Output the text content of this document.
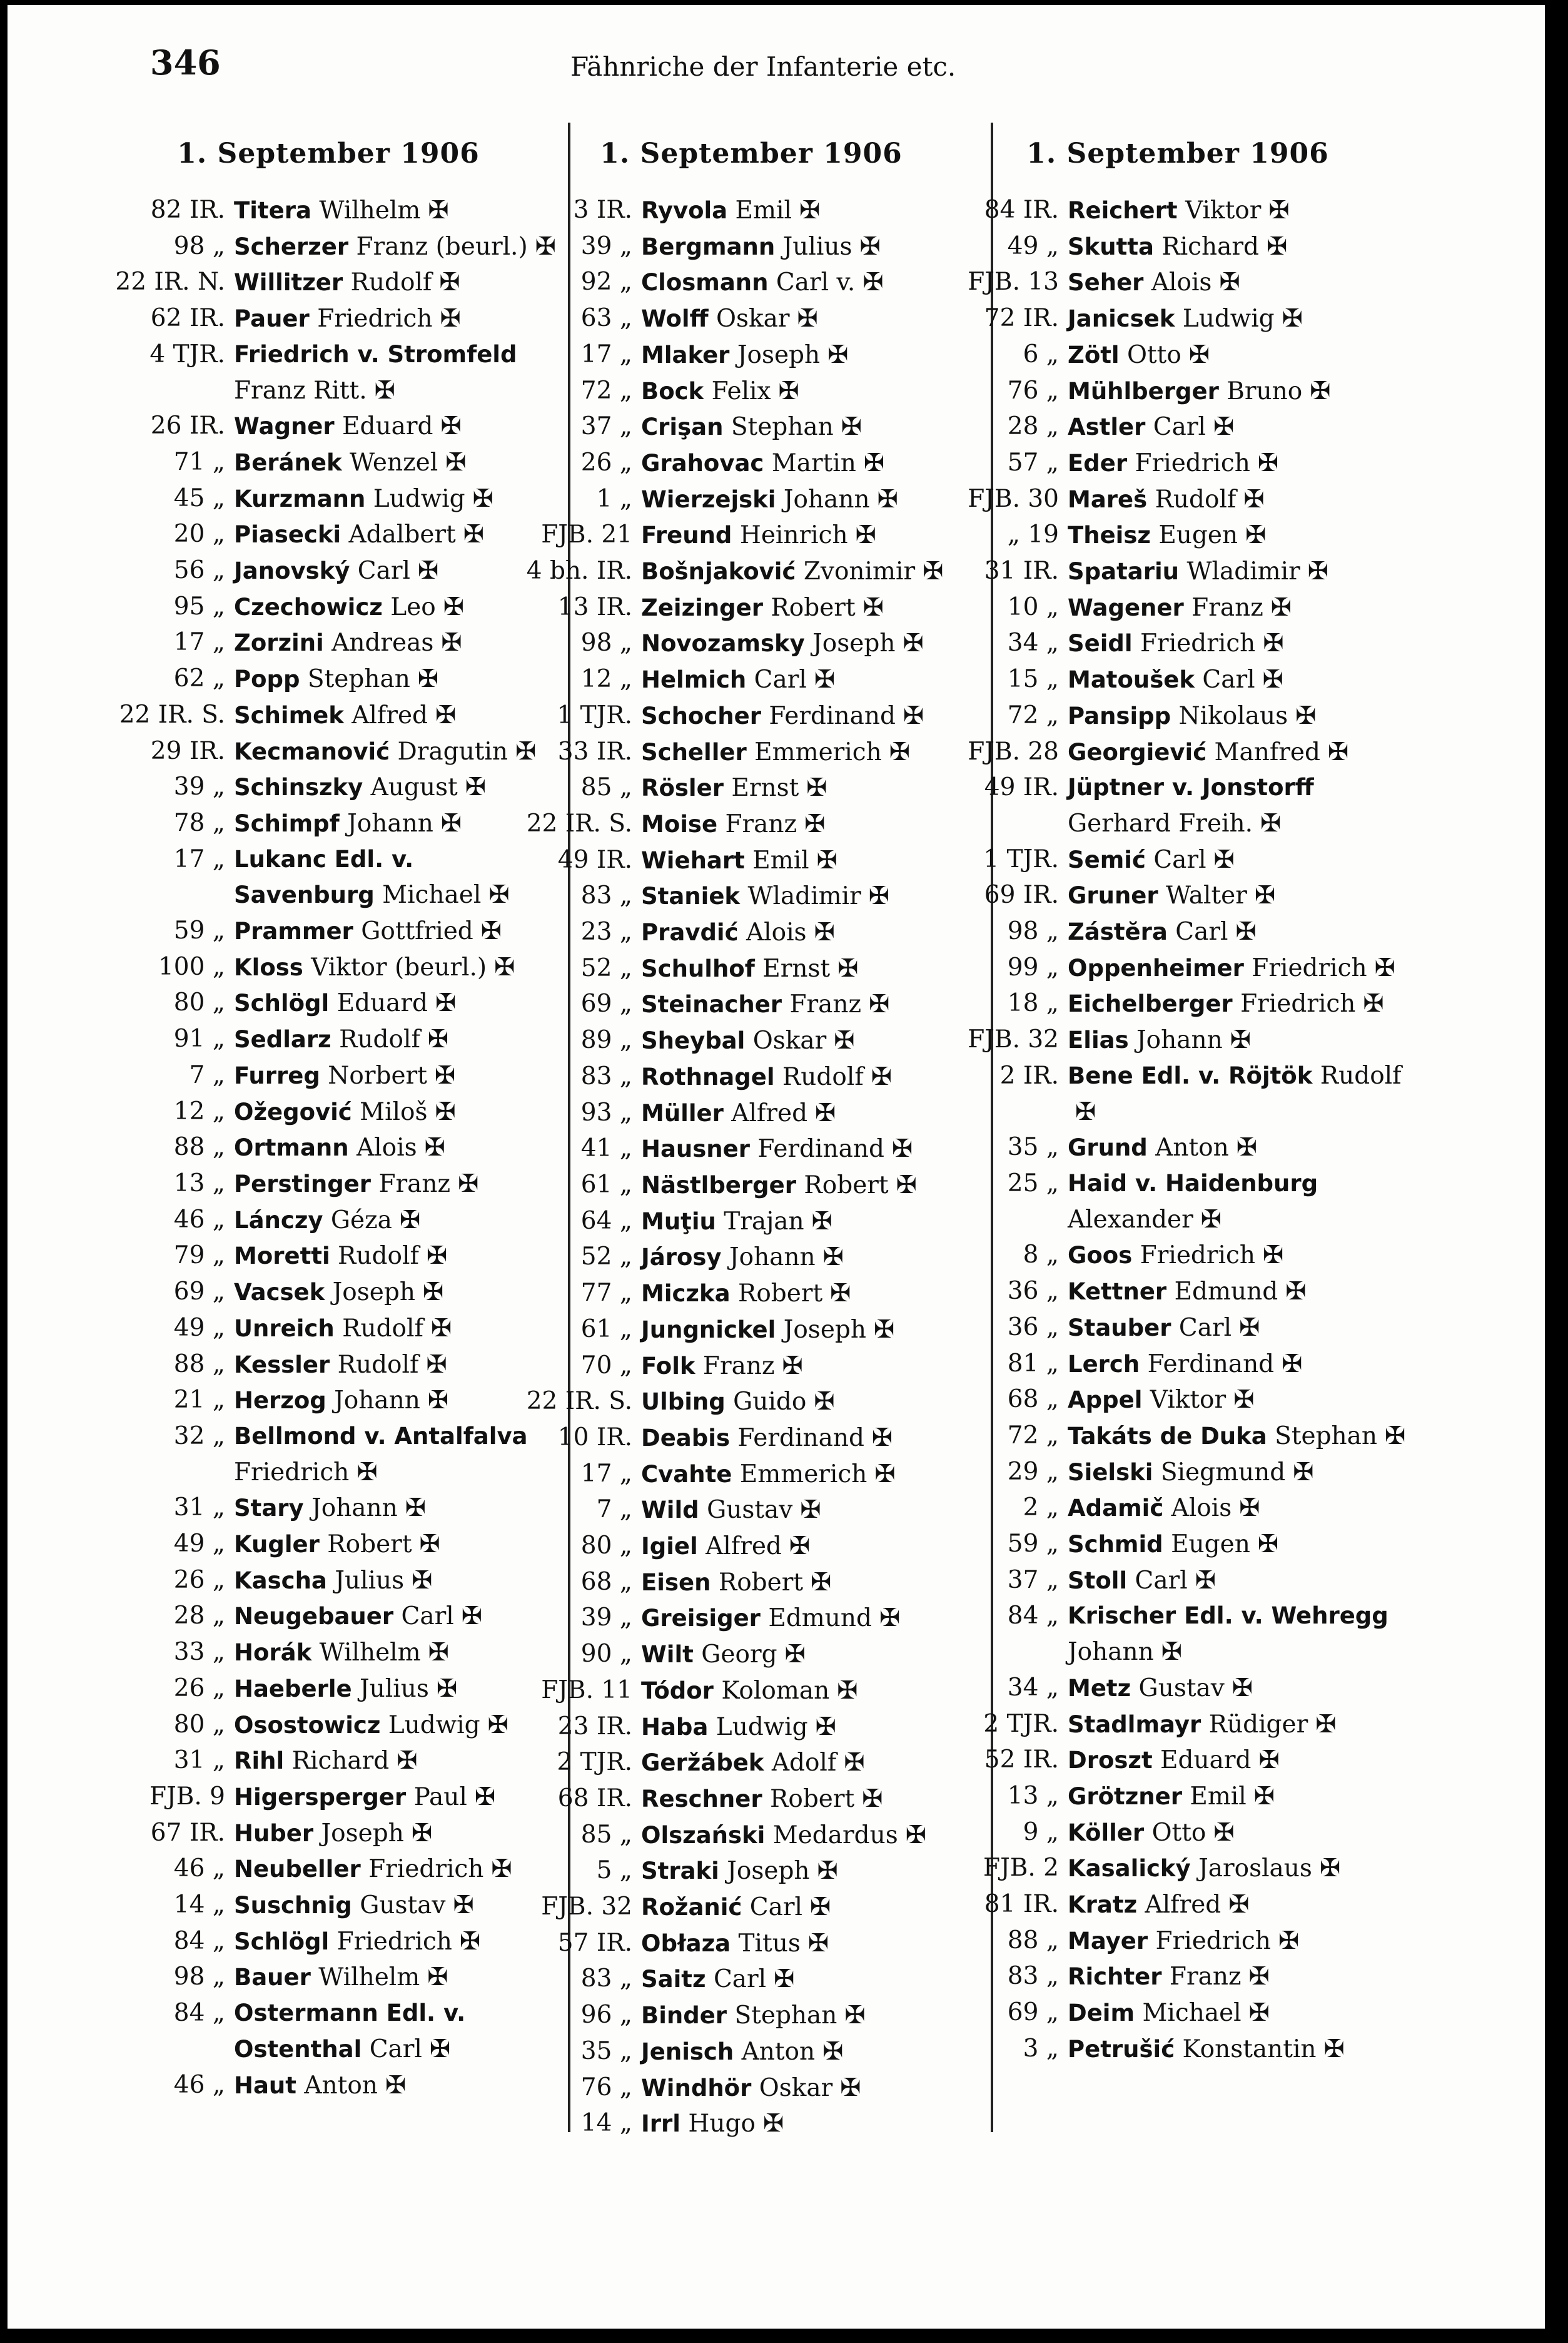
346	Fähnriche der Infanterie etc.
1. September 1906
82 IR. Titera Wilhelm ✠
98 „ Scherzer Franz (beurl.) ✠
22 IR. N. Willitzer Rudolf ✠
62 IR. Pauer Friedrich ✠
4 TJR. Friedrich v. Stromfeld Franz Ritt. ✠
26 IR. Wagner Eduard ✠
71 „ Beránek Wenzel ✠
45 „ Kurzmann Ludwig ✠
20 „ Piasecki Adalbert ✠
56 „ Janovský Carl ✠
95 „ Czechowicz Leo ✠
17 „ Zorzini Andreas ✠
62 „ Popp Stephan ✠
22 IR. S. Schimek Alfred ✠
29 IR. Kecmanović Dragutin ✠
39 „ Schinszky August ✠
78 „ Schimpf Johann ✠
17 „ Lukanc Edl. v. Savenburg Michael ✠
59 „ Prammer Gottfried ✠
100 „ Kloss Viktor (beurl.) ✠
80 „ Schlögl Eduard ✠
91 „ Sedlarz Rudolf ✠
7 „ Furreg Norbert ✠
12 „ Ožegović Miloš ✠
88 „ Ortmann Alois ✠
13 „ Perstinger Franz ✠
46 „ Lánczy Géza ✠
79 „ Moretti Rudolf ✠
69 „ Vacsek Joseph ✠
49 „ Unreich Rudolf ✠
88 „ Kessler Rudolf ✠
21 „ Herzog Johann ✠
32 „ Bellmond v. Antalfalva Friedrich ✠
31 „ Stary Johann ✠
49 „ Kugler Robert ✠
26 „ Kascha Julius ✠
28 „ Neugebauer Carl ✠
33 „ Horák Wilhelm ✠
26 „ Haeberle Julius ✠
80 „ Osostowicz Ludwig ✠
31 „ Rihl Richard ✠
FJB. 9 Higersperger Paul ✠
67 IR. Huber Joseph ✠
46 „ Neubeller Friedrich ✠
14 „ Suschnig Gustav ✠
84 „ Schlögl Friedrich ✠
98 „ Bauer Wilhelm ✠
84 „ Ostermann Edl. v. Ostenthal Carl ✠
46 „ Haut Anton ✠
1. September 1906
3 IR. Ryvola Emil ✠
39 „ Bergmann Julius ✠
92 „ Closmann Carl v. ✠
63 „ Wolff Oskar ✠
17 „ Mlaker Joseph ✠
72 „ Bock Felix ✠
37 „ Crişan Stephan ✠
26 „ Grahovac Martin ✠
1 „ Wierzejski Johann ✠
FJB. 21 Freund Heinrich ✠
4 bh. IR. Bošnjaković Zvonimir ✠
13 IR. Zeizinger Robert ✠
98 „ Novozamsky Joseph ✠
12 „ Helmich Carl ✠
1 TJR. Schocher Ferdinand ✠
33 IR. Scheller Emmerich ✠
85 „ Rösler Ernst ✠
22 IR. S. Moise Franz ✠
49 IR. Wiehart Emil ✠
83 „ Staniek Wladimir ✠
23 „ Pravdić Alois ✠
52 „ Schulhof Ernst ✠
69 „ Steinacher Franz ✠
89 „ Sheybal Oskar ✠
83 „ Rothnagel Rudolf ✠
93 „ Müller Alfred ✠
41 „ Hausner Ferdinand ✠
61 „ Nästlberger Robert ✠
64 „ Muţiu Trajan ✠
52 „ Járosy Johann ✠
77 „ Miczka Robert ✠
61 „ Jungnickel Joseph ✠
70 „ Folk Franz ✠
22 IR. S. Ulbing Guido ✠
10 IR. Deabis Ferdinand ✠
17 „ Cvahte Emmerich ✠
7 „ Wild Gustav ✠
80 „ Igiel Alfred ✠
68 „ Eisen Robert ✠
39 „ Greisiger Edmund ✠
90 „ Wilt Georg ✠
FJB. 11 Tódor Koloman ✠
23 IR. Haba Ludwig ✠
2 TJR. Geržábek Adolf ✠
68 IR. Reschner Robert ✠
85 „ Olszański Medardus ✠
5 „ Straki Joseph ✠
FJB. 32 Rožanić Carl ✠
57 IR. Obłaza Titus ✠
83 „ Saitz Carl ✠
96 „ Binder Stephan ✠
35 „ Jenisch Anton ✠
76 „ Windhör Oskar ✠
14 „ Irrl Hugo ✠
1. September 1906
84 IR. Reichert Viktor ✠
49 „ Skutta Richard ✠
FJB. 13 Seher Alois ✠
72 IR. Janicsek Ludwig ✠
6 „ Zötl Otto ✠
76 „ Mühlberger Bruno ✠
28 „ Astler Carl ✠
57 „ Eder Friedrich ✠
FJB. 30 Mareš Rudolf ✠
„ 19 Theisz Eugen ✠
31 IR. Spatariu Wladimir ✠
10 „ Wagener Franz ✠
34 „ Seidl Friedrich ✠
15 „ Matoušek Carl ✠
72 „ Pansipp Nikolaus ✠
FJB. 28 Georgiević Manfred ✠
49 IR. Jüptner v. Jonstorff Gerhard Freih. ✠
1 TJR. Semić Carl ✠
69 IR. Gruner Walter ✠
98 „ Zástĕra Carl ✠
99 „ Oppenheimer Friedrich ✠
18 „ Eichelberger Friedrich ✠
FJB. 32 Elias Johann ✠
2 IR. Bene Edl. v. Röjtök Rudolf✠
35 „ Grund Anton ✠
25 „ Haid v. Haidenburg Alexander ✠
8 „ Goos Friedrich ✠
36 „ Kettner Edmund ✠
36 „ Stauber Carl ✠
81 „ Lerch Ferdinand ✠
68 „ Appel Viktor ✠
72 „ Takáts de Duka Stephan ✠
29 „ Sielski Siegmund ✠
2 „ Adamič Alois ✠
59 „ Schmid Eugen ✠
37 „ Stoll Carl ✠
84 „ Krischer Edl. v. Wehregg Johann ✠
34 „ Metz Gustav ✠
2 TJR. Stadlmayr Rüdiger ✠
52 IR. Droszt Eduard ✠
13 „ Grötzner Emil ✠
9 „ Köller Otto ✠
FJB. 2 Kasalický Jaroslaus ✠
81 IR. Kratz Alfred ✠
88 „ Mayer Friedrich ✠
83 „ Richter Franz ✠
69 „ Deim Michael ✠
3 „ Petrušić Konstantin ✠
